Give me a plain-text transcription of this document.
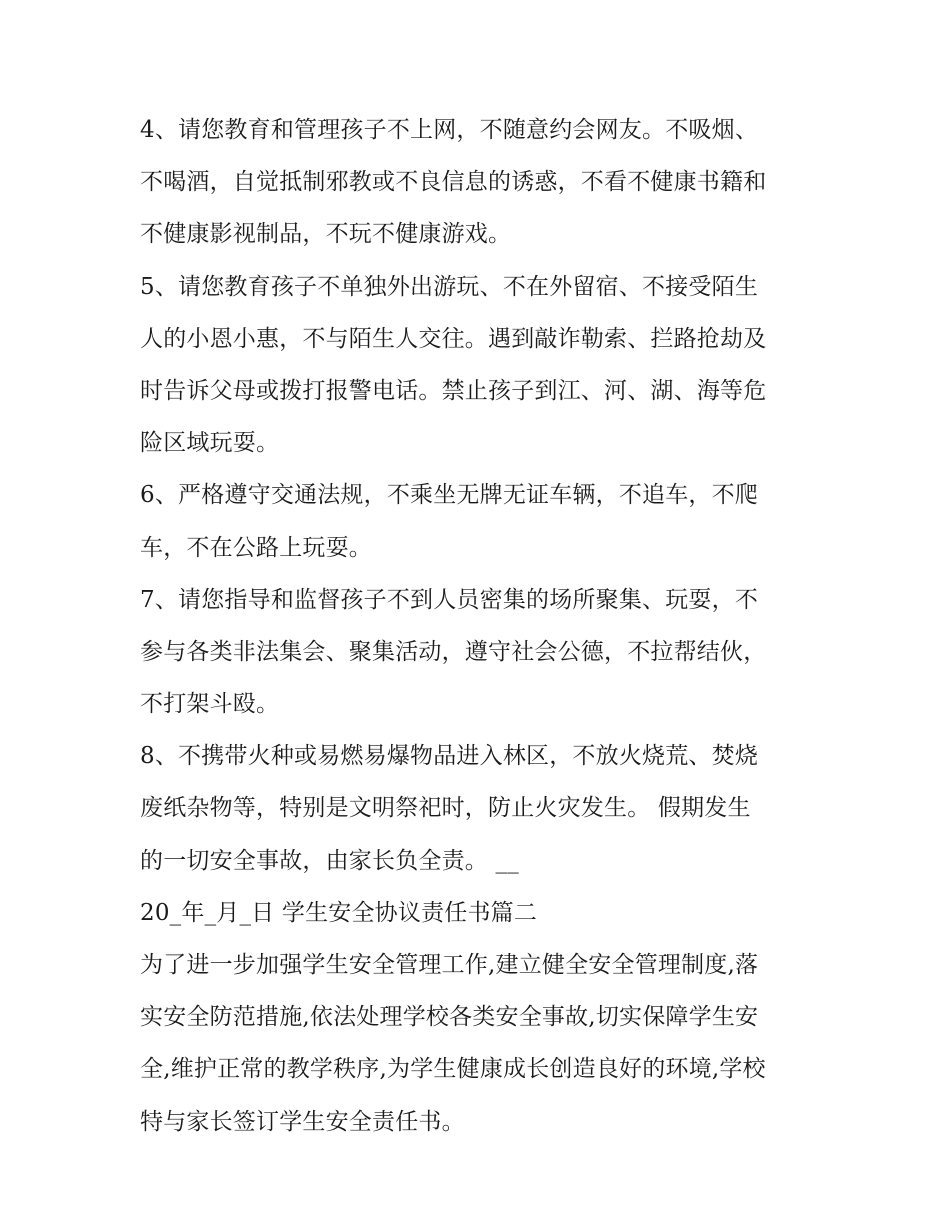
4、请您教育和管理孩子不上网，不随意约会网友。不吸烟、
不喝酒，自觉抵制邪教或不良信息的诱惑，不看不健康书籍和
不健康影视制品，不玩不健康游戏。
5、请您教育孩子不单独外出游玩、不在外留宿、不接受陌生
人的小恩小惠，不与陌生人交往。遇到敲诈勒索、拦路抢劫及
时告诉父母或拨打报警电话。禁止孩子到江、河、湖、海等危
险区域玩耍。
6、严格遵守交通法规，不乘坐无牌无证车辆，不追车，不爬
车，不在公路上玩耍。
7、请您指导和监督孩子不到人员密集的场所聚集、玩耍，不
参与各类非法集会、聚集活动，遵守社会公德，不拉帮结伙，
不打架斗殴。
8、不携带火种或易燃易爆物品进入林区，不放火烧荒、焚烧
废纸杂物等，特别是文明祭祀时，防止火灾发生。 假期发生
的一切安全事故，由家长负全责。 __
20_年_月_日 学生安全协议责任书篇二
为了进一步加强学生安全管理工作,建立健全安全管理制度,落
实安全防范措施,依法处理学校各类安全事故,切实保障学生安
全,维护正常的教学秩序,为学生健康成长创造良好的环境,学校
特与家长签订学生安全责任书。
